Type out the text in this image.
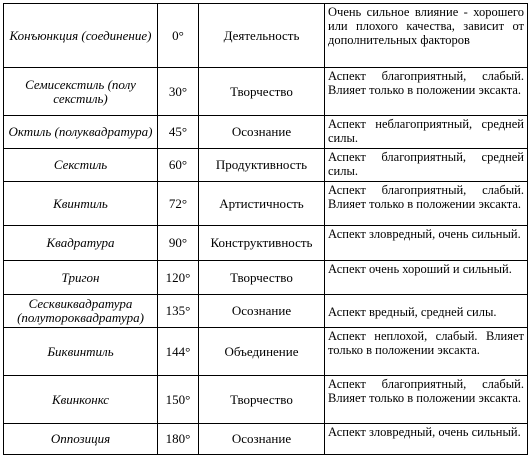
Конъюнкция (соединение)	0°	Деятельность	Очень сильное влияние - хорошего или плохого качества, зависит от дополнительных факторов
Семисекстиль (полу секстиль)	30°	Творчество	Аспект благоприятный, слабый. Влияет только в положении эксакта.
Октиль (полуквадратура)	45°	Осознание	Аспект неблагоприятный, средней силы.
Секстиль	60°	Продуктивность	Аспект благоприятный, средней силы.
Квинтиль	72°	Артистичность	Аспект благоприятный, слабый. Влияет только в положении эксакта.
Квадратура	90°	Конструктивность	Аспект зловредный, очень сильный.
Тригон	120°	Творчество	Аспект очень хороший и сильный.
Сесквиквадратура (полутороквадратура)	135°	Осознание	Аспект вредный, средней силы.
Биквинтиль	144°	Объединение	Аспект неплохой, слабый. Влияет только в положении эксакта.
Квинконкс	150°	Творчество	Аспект благоприятный, слабый. Влияет только в положении эксакта.
Оппозиция	180°	Осознание	Аспект зловредный, очень сильный.
